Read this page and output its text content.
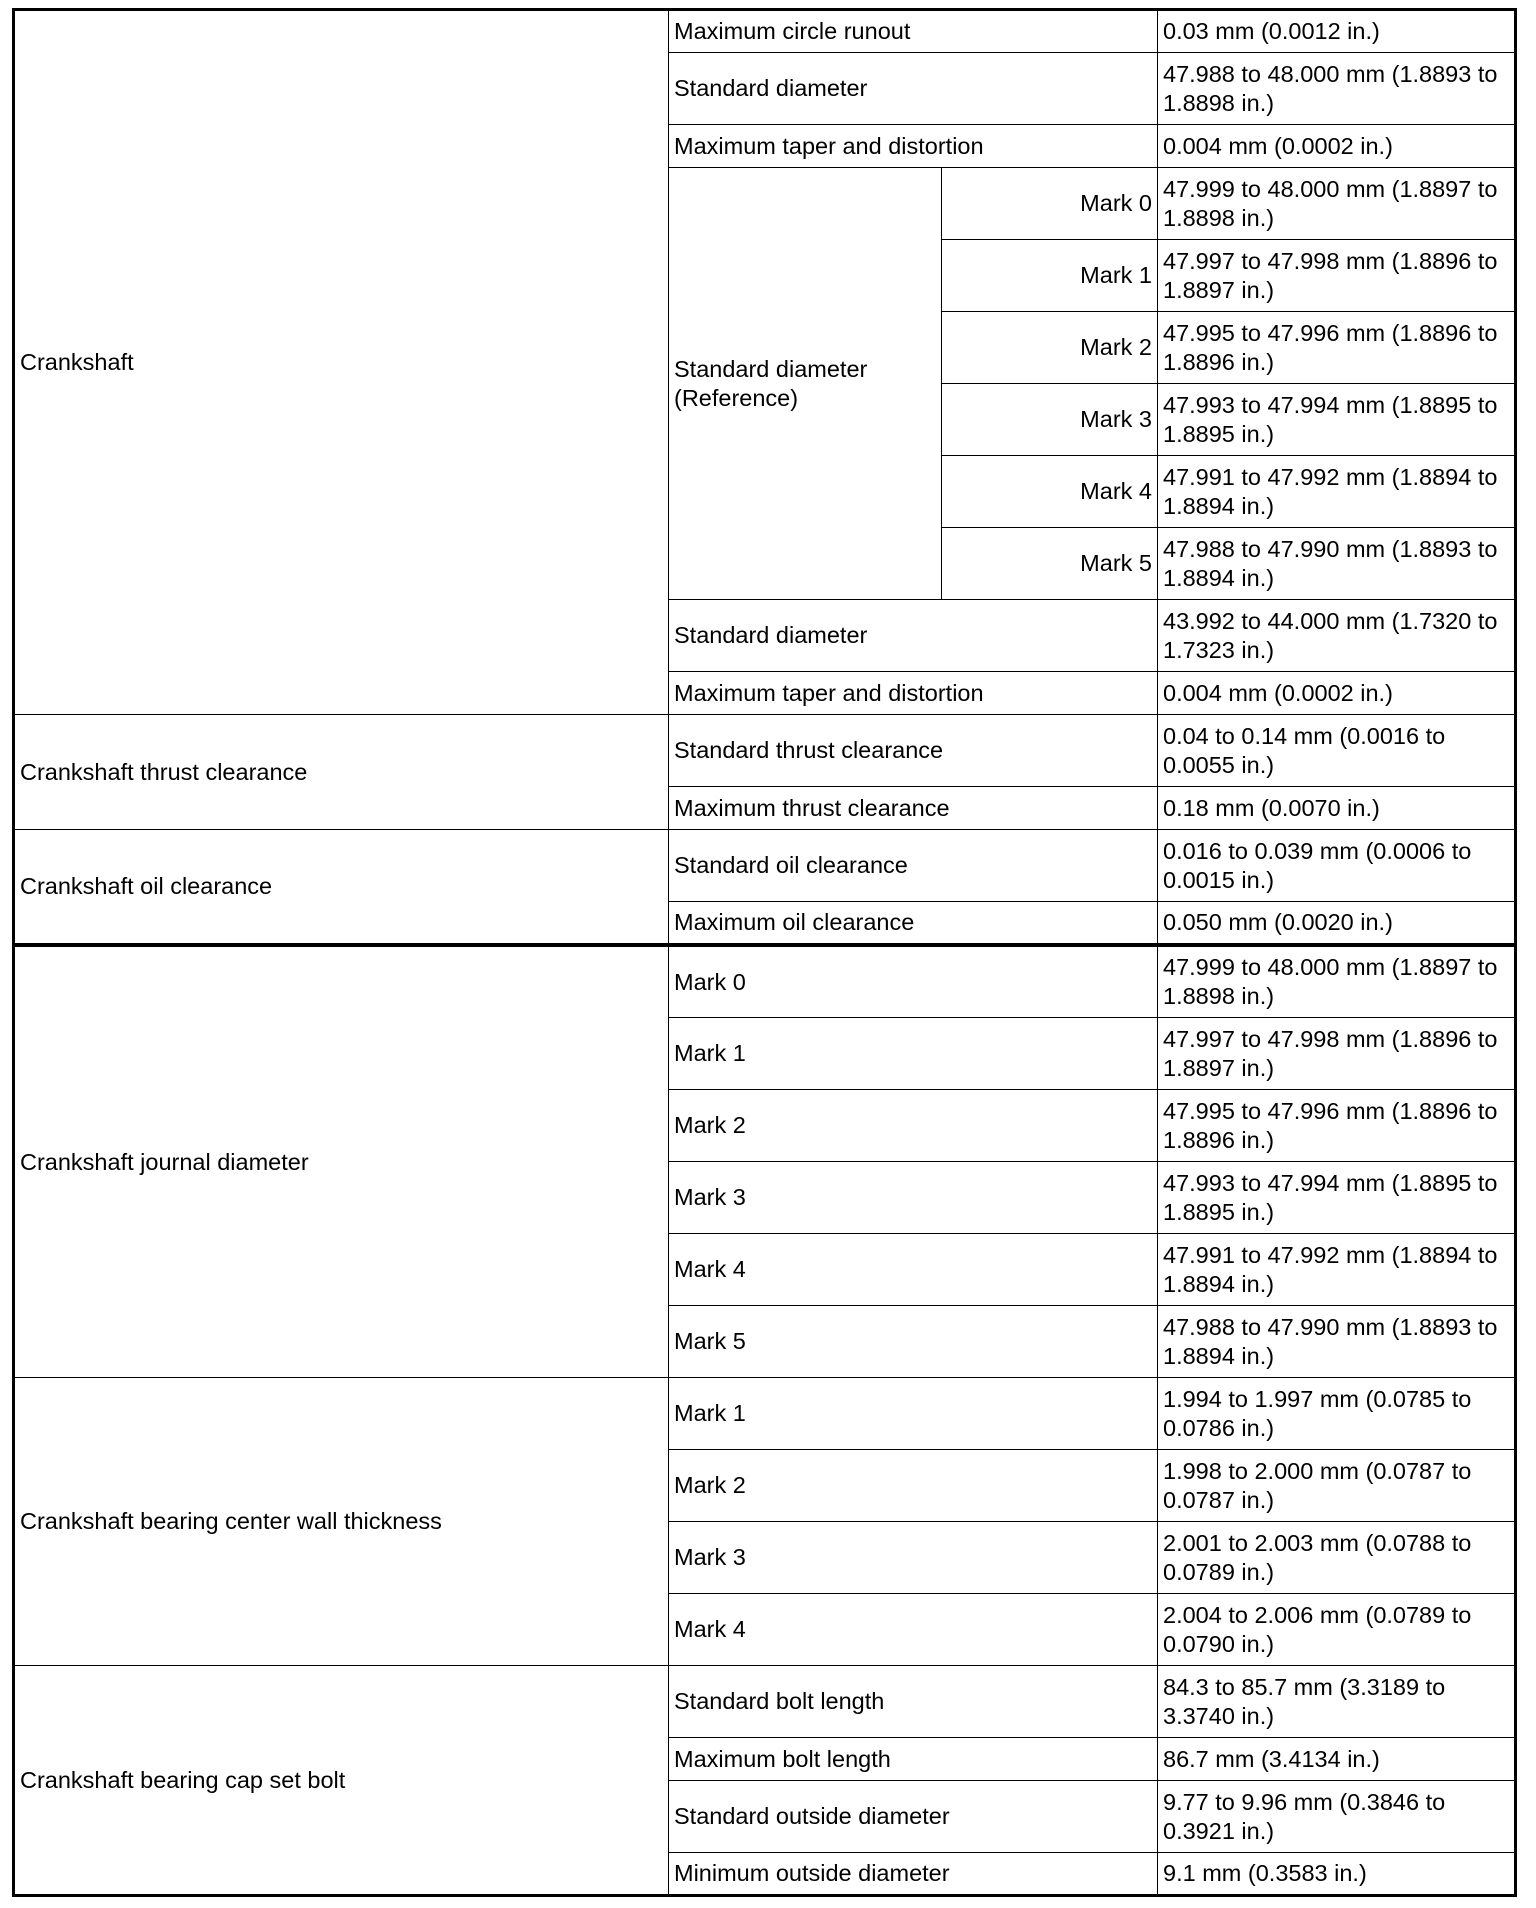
Crankshaft	Maximum circle runout		0.03 mm (0.0012 in.)
	Standard diameter		47.988 to 48.000 mm (1.8893 to 1.8898 in.)
	Maximum taper and distortion		0.004 mm (0.0002 in.)
	Standard diameter (Reference)	Mark 0	47.999 to 48.000 mm (1.8897 to 1.8898 in.)
		Mark 1	47.997 to 47.998 mm (1.8896 to 1.8897 in.)
		Mark 2	47.995 to 47.996 mm (1.8896 to 1.8896 in.)
		Mark 3	47.993 to 47.994 mm (1.8895 to 1.8895 in.)
		Mark 4	47.991 to 47.992 mm (1.8894 to 1.8894 in.)
		Mark 5	47.988 to 47.990 mm (1.8893 to 1.8894 in.)
	Standard diameter		43.992 to 44.000 mm (1.7320 to 1.7323 in.)
	Maximum taper and distortion		0.004 mm (0.0002 in.)
Crankshaft thrust clearance	Standard thrust clearance		0.04 to 0.14 mm (0.0016 to 0.0055 in.)
	Maximum thrust clearance		0.18 mm (0.0070 in.)
Crankshaft oil clearance	Standard oil clearance		0.016 to 0.039 mm (0.0006 to 0.0015 in.)
	Maximum oil clearance		0.050 mm (0.0020 in.)
Crankshaft journal diameter	Mark 0	47.999 to 48.000 mm (1.8897 to 1.8898 in.)
	Mark 1	47.997 to 47.998 mm (1.8896 to 1.8897 in.)
	Mark 2	47.995 to 47.996 mm (1.8896 to 1.8896 in.)
	Mark 3	47.993 to 47.994 mm (1.8895 to 1.8895 in.)
	Mark 4	47.991 to 47.992 mm (1.8894 to 1.8894 in.)
	Mark 5	47.988 to 47.990 mm (1.8893 to 1.8894 in.)
Crankshaft bearing center wall thickness	Mark 1	1.994 to 1.997 mm (0.0785 to 0.0786 in.)
	Mark 2	1.998 to 2.000 mm (0.0787 to 0.0787 in.)
	Mark 3	2.001 to 2.003 mm (0.0788 to 0.0789 in.)
	Mark 4	2.004 to 2.006 mm (0.0789 to 0.0790 in.)
Crankshaft bearing cap set bolt	Standard bolt length	84.3 to 85.7 mm (3.3189 to 3.3740 in.)
	Maximum bolt length	86.7 mm (3.4134 in.)
	Standard outside diameter	9.77 to 9.96 mm (0.3846 to 0.3921 in.)
	Minimum outside diameter	9.1 mm (0.3583 in.)
